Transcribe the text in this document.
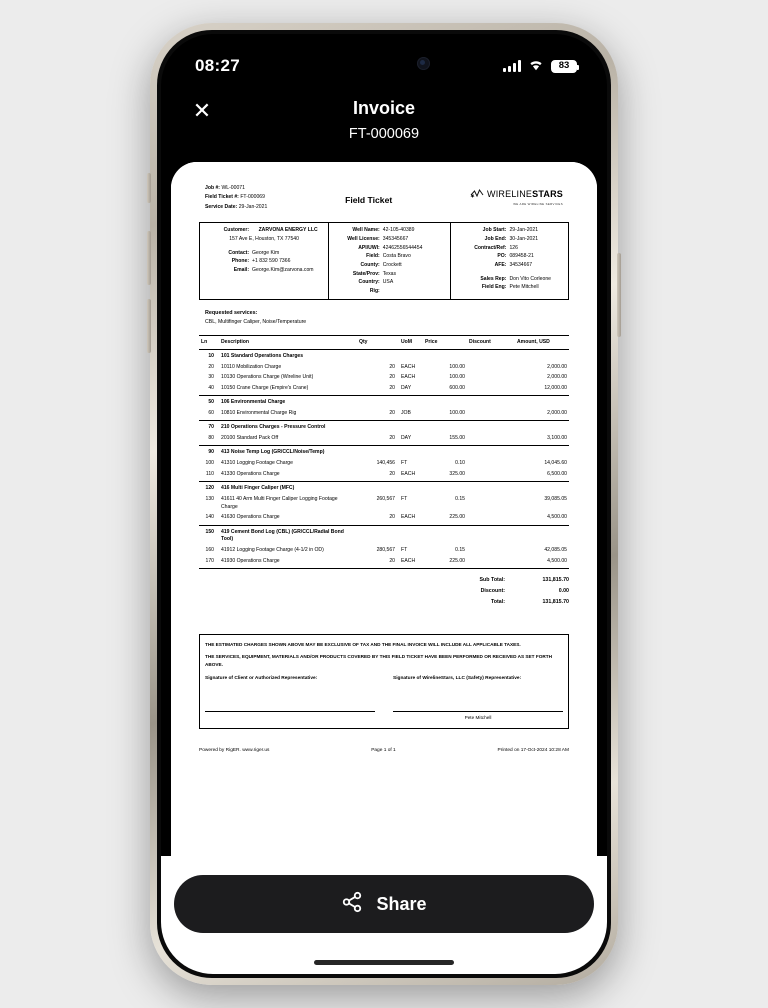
08:27	83
✕	Invoice
FT-000069
Job #: WL-00071
Field Ticket #: FT-000069
Service Date: 29-Jan-2021
Field Ticket
WIRELINESTARS
WE ARE WIRELINE SERVICES
Customer:	ZARVONA ENERGY LLC
157 Ave E, Houston, TX 77540
Contact: George Kim
Phone: +1 832 590 7366
Email: George.Kim@zarvona.com

Well Name: 42-105-40389
Well License: 345345667
API/UWI: 42462556544454
Field: Costa Bravo
County: Crockett
State/Prov: Texas
Country: USA
Rig:

Job Start: 29-Jan-2021
Job End: 30-Jan-2021
Contract/Ref: 126
PO: 089458-21
AFE: 34534667
Sales Rep: Don Vito Corleone
Field Eng: Pete Mitchell
Requested services:
CBL, Multifinger Caliper, Noise/Temperature
Ln	Description	Qty	UoM	Price	Discount	Amount, USD
10	101 Standard Operations Charges					
20	10110 Mobilization Charge	20	EACH	100.00		2,000.00
30	10130 Operations Charge (Wireline Unit)	20	EACH	100.00		2,000.00
40	10150 Crane Charge (Empire's Crane)	20	DAY	600.00		12,000.00
50	106 Environmental Charge					
60	10810 Environmental Charge Rig	20	JOB	100.00		2,000.00
70	210 Operations Charges - Pressure Control					
80	20100 Standard Pack Off	20	DAY	155.00		3,100.00
90	413 Noise Temp Log (GR/CCL/Noise/Temp)					
100	41310 Logging Footage Charge	140,456	FT	0.10		14,045.60
110	41330 Operations Charge	20	EACH	325.00		6,500.00
120	416 Multi Finger Caliper (MFC)					
130	41611 40 Arm Multi Finger Caliper Logging Footage Charge	260,567	FT	0.15		39,085.05
140	41630 Operations Charge	20	EACH	225.00		4,500.00
150	419 Cement Bond Log (CBL) (GR/CCL/Radial Bond Tool)					
160	41912 Logging Footage Charge (4-1/2 in OD)	280,567	FT	0.15		42,085.05
170	41930 Operations Charge	20	EACH	225.00		4,500.00
Sub Total:	131,815.70
Discount:	0.00
Total:	131,815.70

THE ESTIMATED CHARGES SHOWN ABOVE MAY BE EXCLUSIVE OF TAX AND THE FINAL INVOICE WILL INCLUDE ALL APPLICABLE TAXES.

THE SERVICES, EQUIPMENT, MATERIALS AND/OR PRODUCTS COVERED BY THIS FIELD TICKET HAVE BEEN PERFORMED OR RECEIVED AS SET FORTH ABOVE.

Signature of Client or Authorized Representative:	Signature of WirelineStars, LLC (Safety) Representative:
Pete Mitchell
Powered by RigER. www.riger.us	Page 1 of 1	Printed on 17-Oct-2024 10:28 AM
Share
